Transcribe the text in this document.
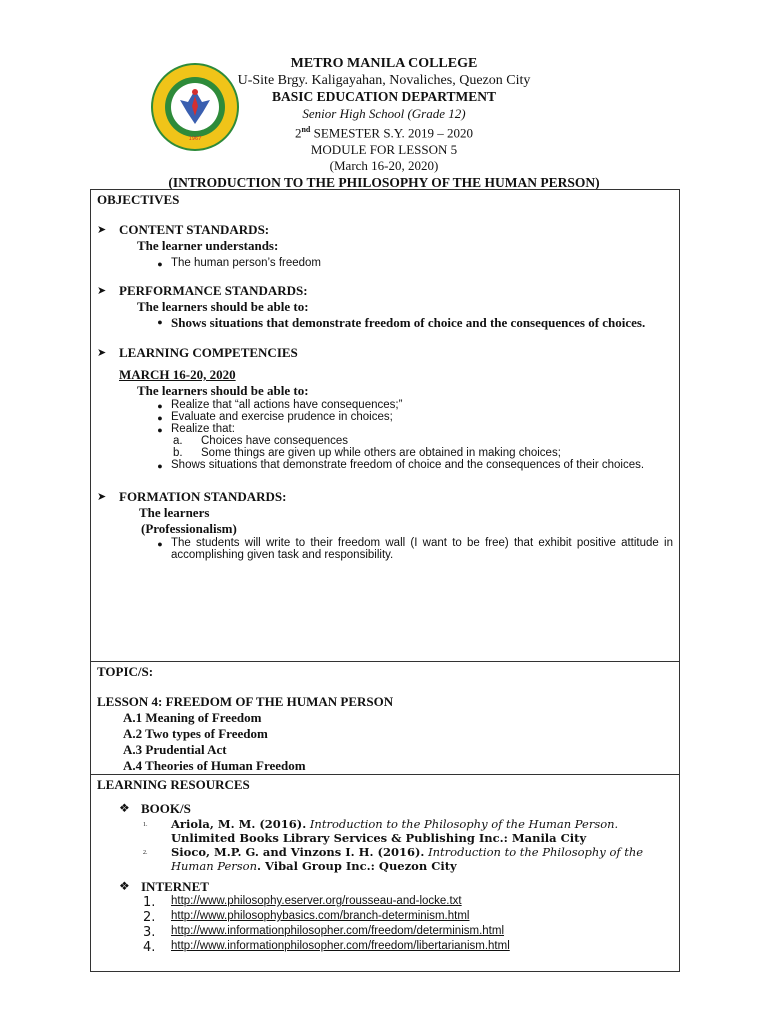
1967
METRO MANILA COLLEGE
U-Site Brgy. Kaligayahan, Novaliches, Quezon City
BASIC EDUCATION DEPARTMENT
Senior High School (Grade 12)
2nd SEMESTER S.Y. 2019 – 2020
MODULE FOR LESSON 5
(March 16-20, 2020)
(INTRODUCTION TO THE PHILOSOPHY OF THE HUMAN PERSON)
OBJECTIVES
➤ CONTENT STANDARDS:
The learner understands:
● The human person’s freedom
➤ PERFORMANCE STANDARDS:
The learners should be able to:
● Shows situations that demonstrate freedom of choice and the consequences of choices.
➤ LEARNING COMPETENCIES
MARCH 16-20, 2020
The learners should be able to:
● Realize that “all actions have consequences;”
● Evaluate and exercise prudence in choices;
● Realize that:
a.	Choices have consequences
b.	Some things are given up while others are obtained in making choices;
● Shows situations that demonstrate freedom of choice and the consequences of their choices.
➤ FORMATION STANDARDS:
The learners
(Professionalism)
● The students will write to their freedom wall (I want to be free) that exhibit positive attitude in accomplishing given task and responsibility.

TOPIC/S:
LESSON 4: FREEDOM OF THE HUMAN PERSON
A.1 Meaning of Freedom
A.2 Two types of Freedom
A.3 Prudential Act
A.4 Theories of Human Freedom

LEARNING RESOURCES
❖ BOOK/S
1.	Ariola, M. M. (2016). Introduction to the Philosophy of the Human Person. Unlimited Books Library Services & Publishing Inc.: Manila City
2.	Sioco, M.P. G. and Vinzons I. H. (2016). Introduction to the Philosophy of the Human Person. Vibal Group Inc.: Quezon City
❖ INTERNET
1.	http://www.philosophy.eserver.org/rousseau-and-locke.txt
2.	http://www.philosophybasics.com/branch-determinism.html
3.	http://www.informationphilosopher.com/freedom/determinism.html
4.	http://www.informationphilosopher.com/freedom/libertarianism.html
